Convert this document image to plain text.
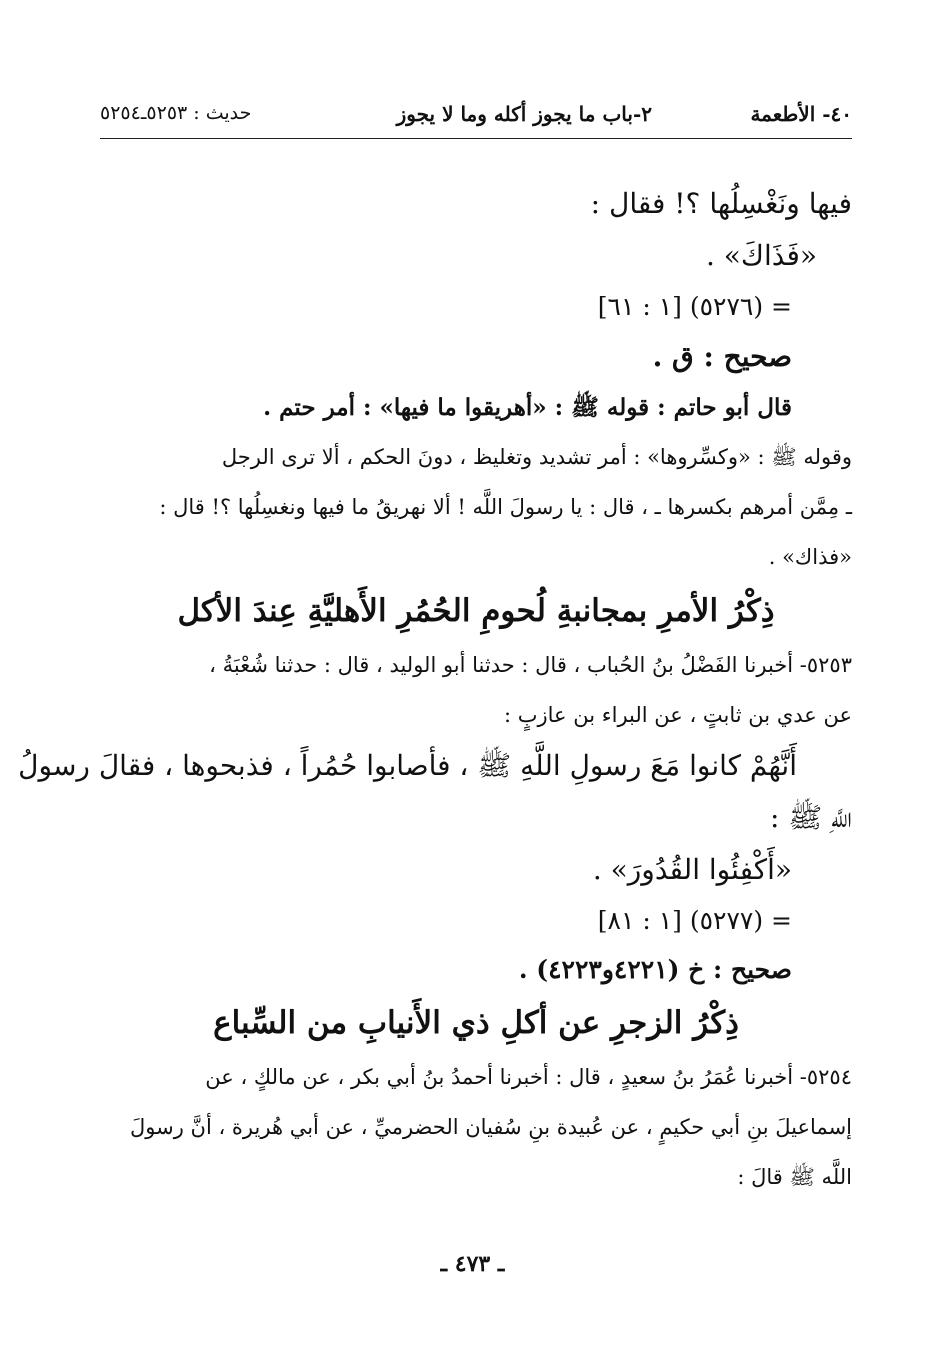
٤٠- الأطعمة
٢-باب ما يجوز أكله وما لا يجوز
حديث : ٥٢٥٣ـ٥٢٥٤
فيها ونَغْسِلُها ؟! فقال :
«فَذَاكَ» .
= (٥٢٧٦) [١ : ٦١]
صحيح : ق .
قال أبو حاتم : قوله ﷺ : «أهريقوا ما فيها» : أمر حتم .
وقوله ﷺ : «وكسِّروها» : أمر تشديد وتغليظ ، دونَ الحكم ، ألا ترى الرجل
ـ مِمَّن أمرهم بكسرها ـ ، قال : يا رسولَ اللَّه ! ألا نهريقُ ما فيها ونغسِلُها ؟! قال :
«فذاك» .
ذِكْرُ الأمرِ بمجانبةِ لُحومِ الحُمُرِ الأَهليَّةِ عِندَ الأكل
٥٢٥٣- أخبرنا الفَضْلُ بنُ الحُباب ، قال : حدثنا أبو الوليد ، قال : حدثنا شُعْبَةُ ،
عن عدي بن ثابتٍ ، عن البراء بن عازبٍ :
أَنَّهُمْ كانوا مَعَ رسولِ اللَّهِ ﷺ ، فأصابوا حُمُراً ، فذبحوها ، فقالَ رسولُ
اللَّهِ ﷺ :
«أَكْفِئُوا القُدُورَ» .
= (٥٢٧٧) [١ : ٨١]
صحيح : خ (٤٢٢١و٤٢٢٣) .
ذِكْرُ الزجرِ عن أكلِ ذي الأَنيابِ من السِّباع
٥٢٥٤- أخبرنا عُمَرُ بنُ سعيدٍ ، قال : أخبرنا أحمدُ بنُ أبي بكر ، عن مالكٍ ، عن
إسماعيلَ بنِ أبي حكيمٍ ، عن عُبيدة بنِ سُفيان الحضرميِّ ، عن أبي هُريرة ، أنَّ رسولَ
اللَّه ﷺ قالَ :
ـ ٤٧٣ ـ
